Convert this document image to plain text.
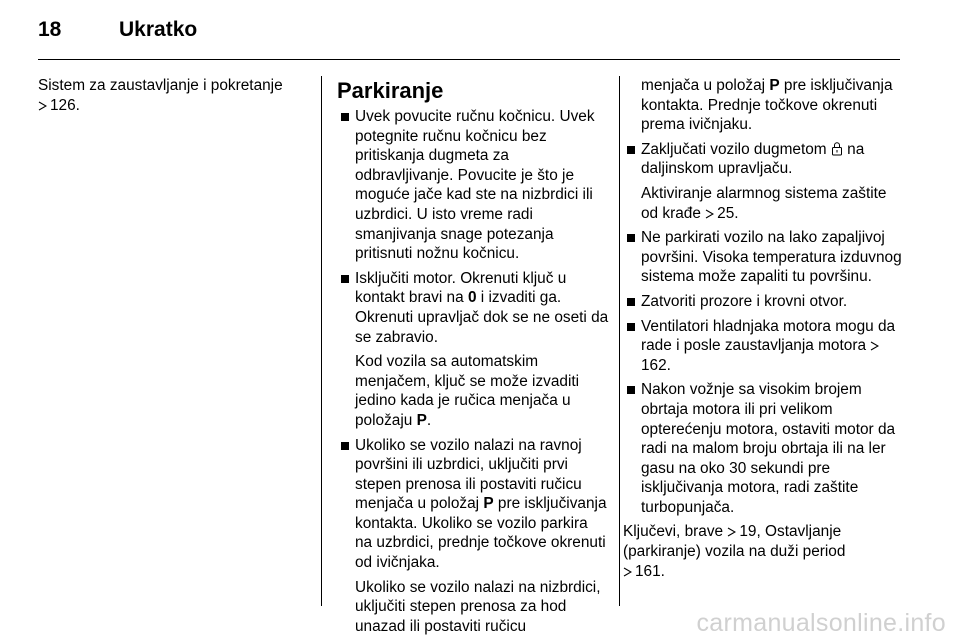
18	Ukratko
Sistem za zaustavljanje i pokretanje
126.
Parkiranje
Uvek povucite ručnu kočnicu. Uvek potegnite ručnu kočnicu bez pritiskanja dugmeta za odbravljivanje. Povucite je što je moguće jače kad ste na nizbrdici ili uzbrdici. U isto vreme radi smanjivanja snage potezanja pritisnuti nožnu kočnicu.
Isključiti motor. Okrenuti ključ u kontakt bravi na 0 i izvaditi ga. Okrenuti upravljač dok se ne oseti da se zabravio.
Kod vozila sa automatskim menjačem, ključ se može izvaditi jedino kada je ručica menjača u položaju P.
Ukoliko se vozilo nalazi na ravnoj površini ili uzbrdici, uključiti prvi stepen prenosa ili postaviti ručicu menjača u položaj P pre isključivanja kontakta. Ukoliko se vozilo parkira na uzbrdici, prednje točkove okrenuti od ivičnjaka.
Ukoliko se vozilo nalazi na nizbrdici, uključiti stepen prenosa za hod unazad ili postaviti ručicu
menjača u položaj P pre isključivanja kontakta. Prednje točkove okrenuti prema ivičnjaku.
Zaključati vozilo dugmetom  na daljinskom upravljaču.
Aktiviranje alarmnog sistema zaštite od krađe 25.
Ne parkirati vozilo na lako zapaljivoj površini. Visoka temperatura izduvnog sistema može zapaliti tu površinu.
Zatvoriti prozore i krovni otvor.
Ventilatori hladnjaka motora mogu da rade i posle zaustavljanja motora 162.
Nakon vožnje sa visokim brojem obrtaja motora ili pri velikom opterećenju motora, ostaviti motor da radi na malom broju obrtaja ili na ler gasu na oko 30 sekundi pre isključivanja motora, radi zaštite turbopunjača.
Ključevi, brave 19, Ostavljanje (parkiranje) vozila na duži period
161.
carmanualsonline.info
